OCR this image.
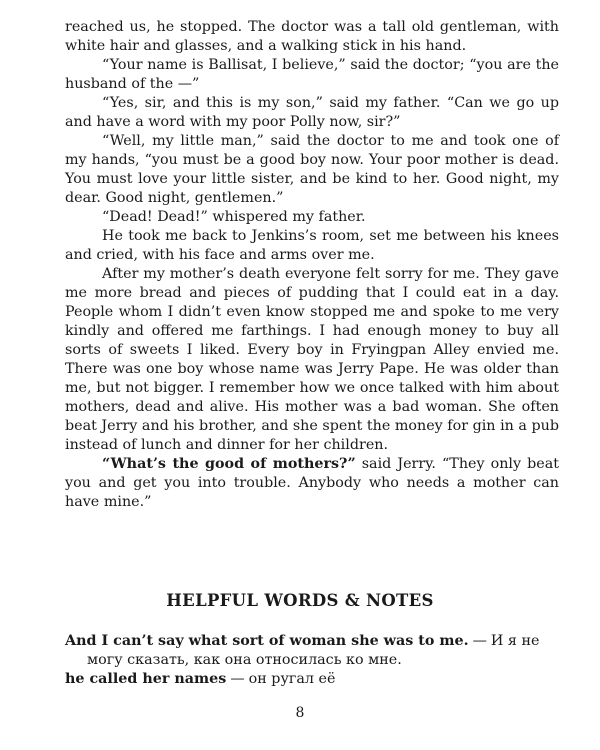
reached us, he stopped. The doctor was a tall old gentleman, with white hair and glasses, and a walking stick in his hand.

“Your name is Ballisat, I believe,” said the doctor; “you are the husband of the —”

“Yes, sir, and this is my son,” said my father. “Can we go up and have a word with my poor Polly now, sir?”

“Well, my little man,” said the doctor to me and took one of my hands, “you must be a good boy now. Your poor mother is dead. You must love your little sister, and be kind to her. Good night, my dear. Good night, gentlemen.”

“Dead! Dead!” whispered my father.

He took me back to Jenkins’s room, set me between his knees and cried, with his face and arms over me.

After my mother’s death everyone felt sorry for me. They gave me more bread and pieces of pudding that I could eat in a day. People whom I didn’t even know stopped me and spoke to me very kindly and offered me farthings. I had enough money to buy all sorts of sweets I liked. Every boy in Fryingpan Alley envied me. There was one boy whose name was Jerry Pape. He was older than me, but not bigger. I remember how we once talked with him about mothers, dead and alive. His mother was a bad woman. She often beat Jerry and his brother, and she spent the money for gin in a pub instead of lunch and dinner for her children.

“What’s the good of mothers?” said Jerry. “They only beat you and get you into trouble. Anybody who needs a mother can have mine.”

HELPFUL WORDS & NOTES

And I can’t say what sort of woman she was to me. — И я не могу сказать, как она относилась ко мне.

he called her names — он ругал её

8
